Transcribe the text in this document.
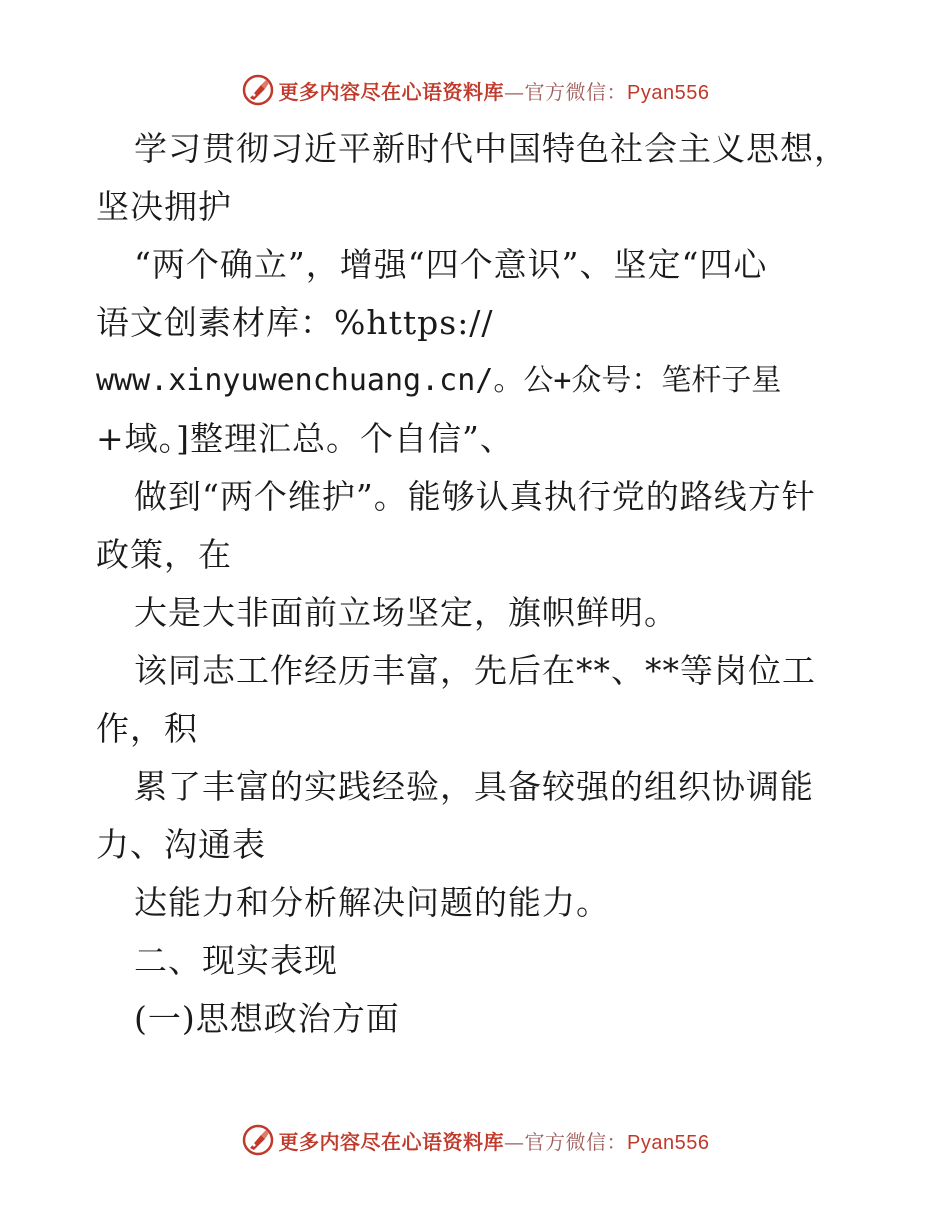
更多内容尽在心语资料库—官方微信：Pyan556
学习贯彻习近平新时代中国特色社会主义思想，
坚决拥护
“两个确立”，增强“四个意识”、坚定“四心
语文创素材库：%https://
www.xinyuwenchuang.cn/。公+众号：笔杆子星
+域。]整理汇总。个自信”、
做到“两个维护”。能够认真执行党的路线方针
政策，在
大是大非面前立场坚定，旗帜鲜明。
该同志工作经历丰富，先后在**、**等岗位工
作，积
累了丰富的实践经验，具备较强的组织协调能
力、沟通表
达能力和分析解决问题的能力。
二、现实表现
(一)思想政治方面
更多内容尽在心语资料库—官方微信：Pyan556
